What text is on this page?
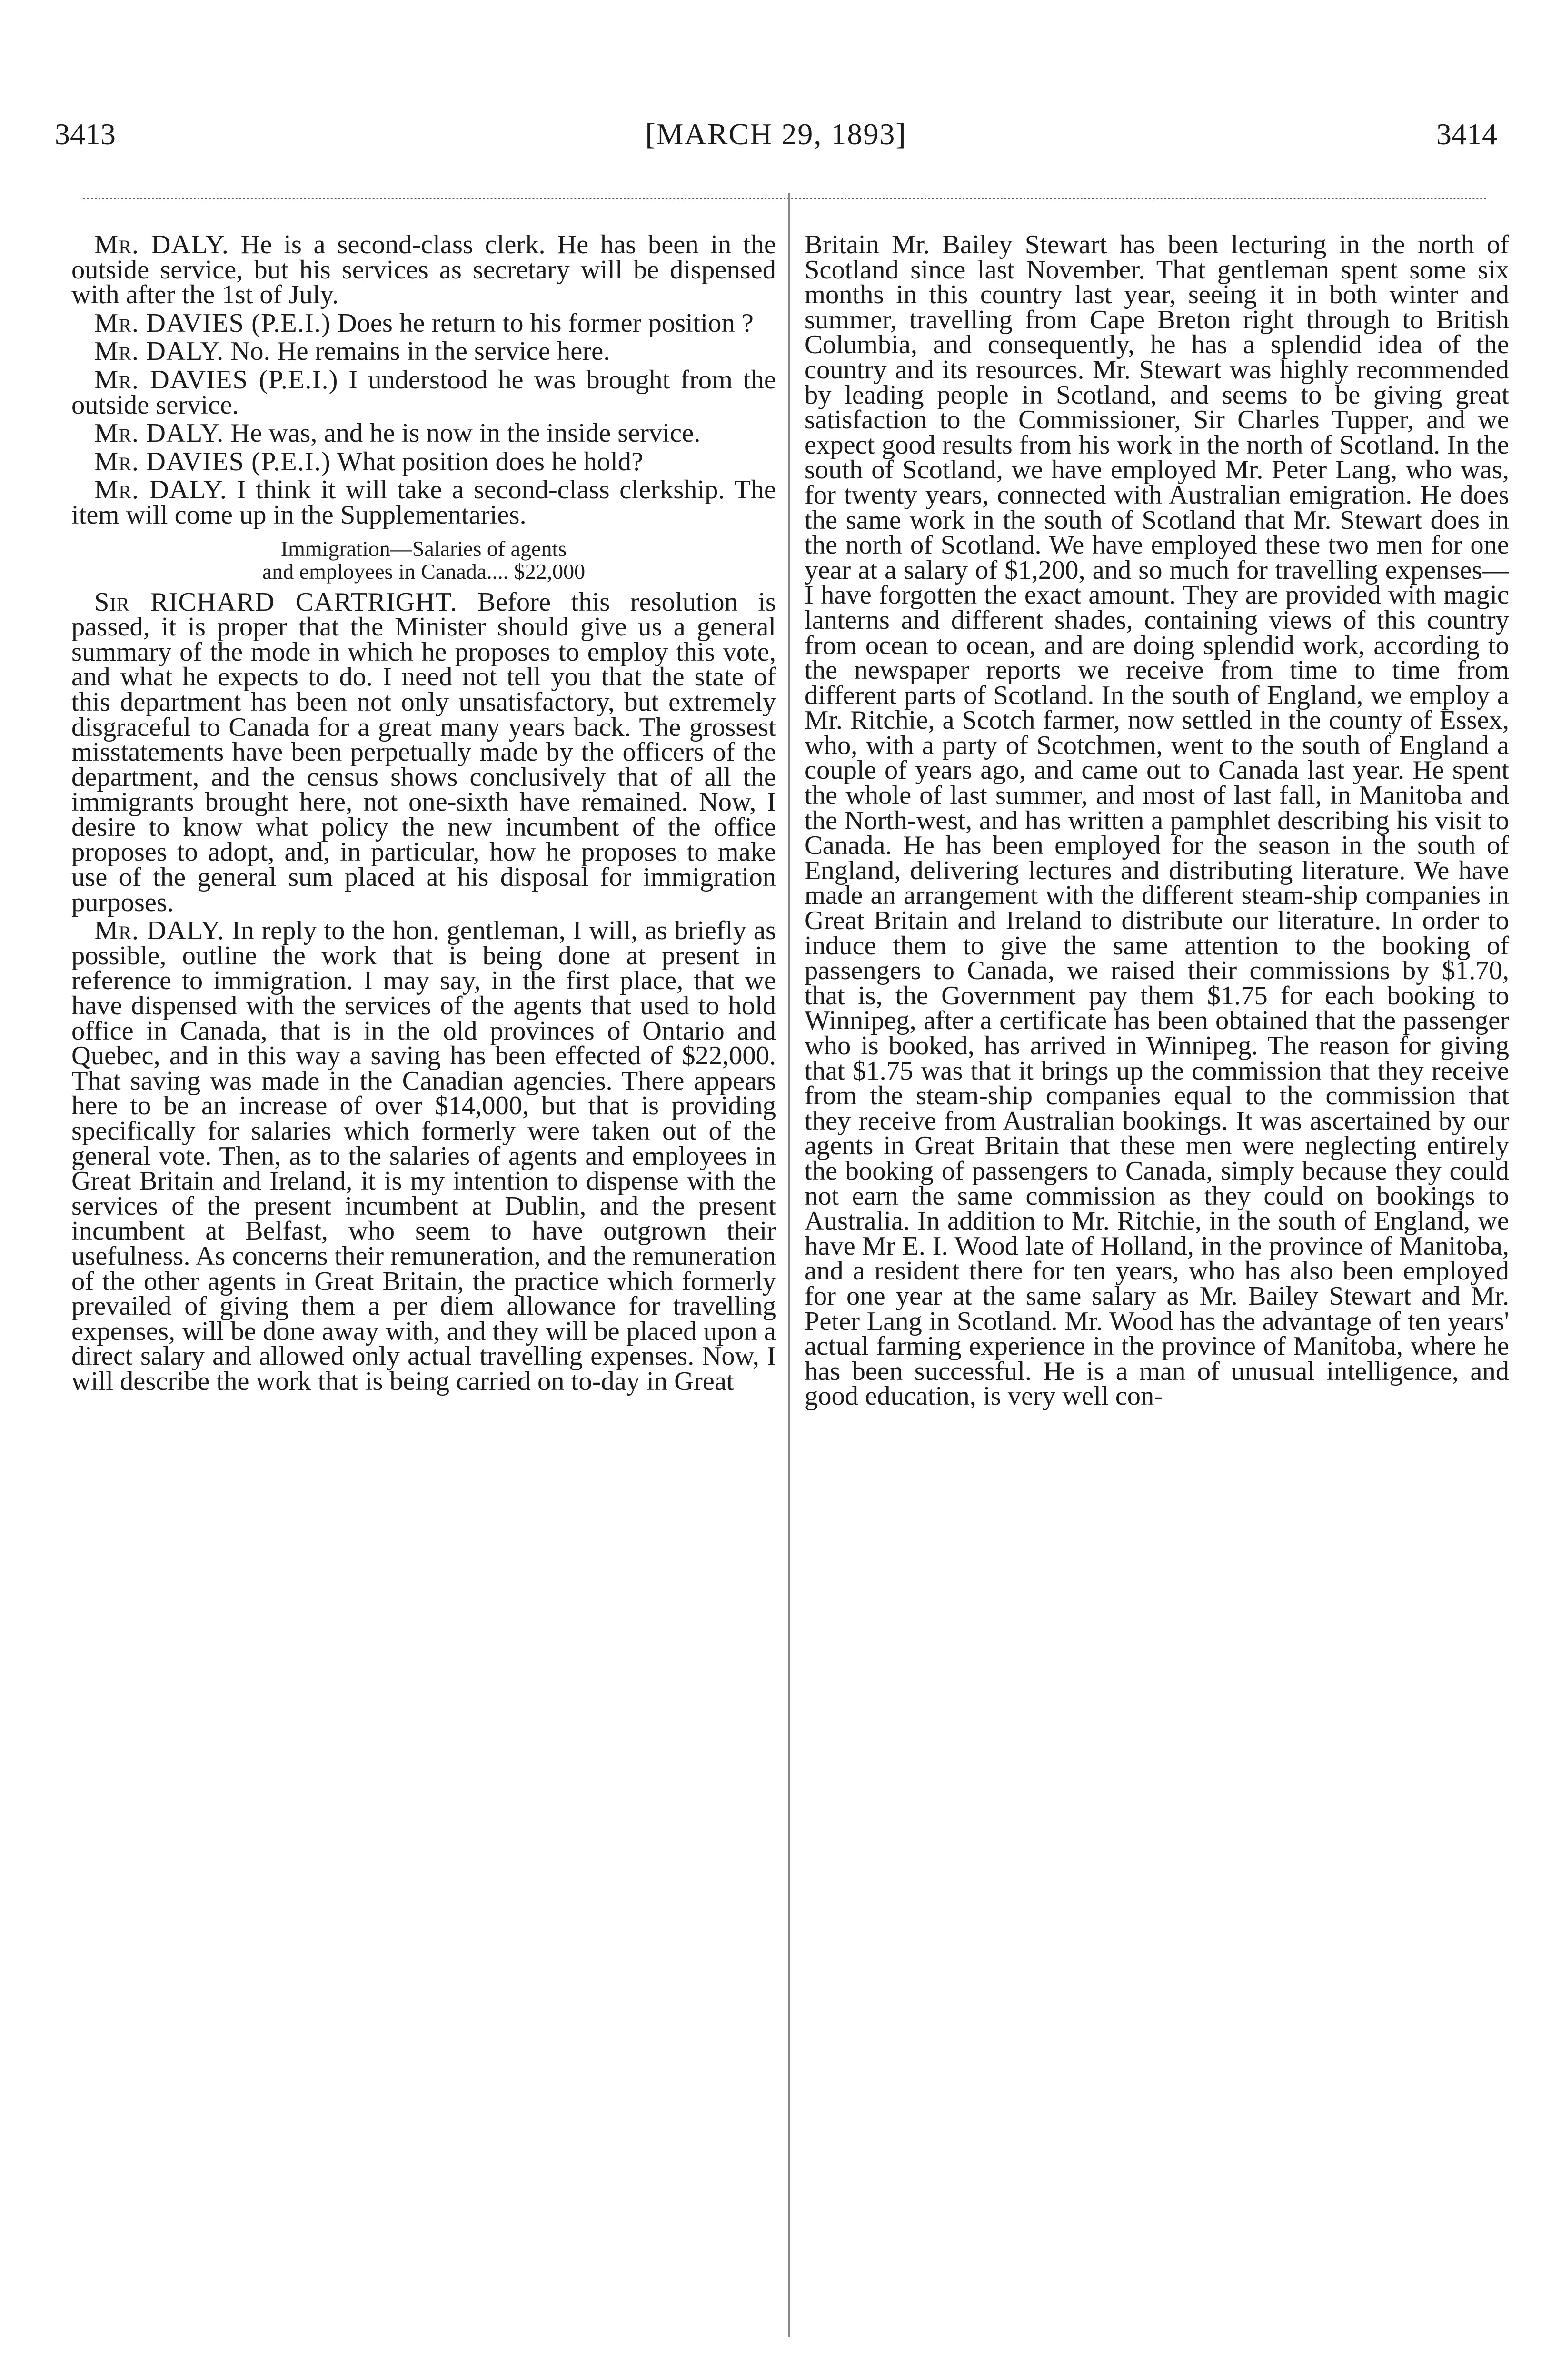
3413	[MARCH 29, 1893]	3414

Mr. DALY. He is a second-class clerk. He has been in the outside service, but his services as secretary will be dispensed with after the 1st of July.

Mr. DAVIES (P.E.I.) Does he return to his former position ?

Mr. DALY. No. He remains in the service here.

Mr. DAVIES (P.E.I.) I understood he was brought from the outside service.

Mr. DALY. He was, and he is now in the inside service.

Mr. DAVIES (P.E.I.) What position does he hold?

Mr. DALY. I think it will take a second-class clerkship. The item will come up in the Supplementaries.

Immigration—Salaries of agents
and employees in Canada.... $22,000

Sir RICHARD CARTRIGHT. Before this resolution is passed, it is proper that the Minister should give us a general summary of the mode in which he proposes to employ this vote, and what he expects to do. I need not tell you that the state of this department has been not only unsatisfactory, but extremely disgraceful to Canada for a great many years back. The grossest misstatements have been perpetually made by the officers of the department, and the census shows conclusively that of all the immigrants brought here, not one-sixth have remained. Now, I desire to know what policy the new incumbent of the office proposes to adopt, and, in particular, how he proposes to make use of the general sum placed at his disposal for immigration purposes.

Mr. DALY. In reply to the hon. gentleman, I will, as briefly as possible, outline the work that is being done at present in reference to immigration. I may say, in the first place, that we have dispensed with the services of the agents that used to hold office in Canada, that is in the old provinces of Ontario and Quebec, and in this way a saving has been effected of $22,000. That saving was made in the Canadian agencies. There appears here to be an increase of over $14,000, but that is providing specifically for salaries which formerly were taken out of the general vote. Then, as to the salaries of agents and employees in Great Britain and Ireland, it is my intention to dispense with the services of the present incumbent at Dublin, and the present incumbent at Belfast, who seem to have outgrown their usefulness. As concerns their remuneration, and the remuneration of the other agents in Great Britain, the practice which formerly prevailed of giving them a per diem allowance for travelling expenses, will be done away with, and they will be placed upon a direct salary and allowed only actual travelling expenses. Now, I will describe the work that is being carried on to-day in Great

Britain Mr. Bailey Stewart has been lecturing in the north of Scotland since last November. That gentleman spent some six months in this country last year, seeing it in both winter and summer, travelling from Cape Breton right through to British Columbia, and consequently, he has a splendid idea of the country and its resources. Mr. Stewart was highly recommended by leading people in Scotland, and seems to be giving great satisfaction to the Commissioner, Sir Charles Tupper, and we expect good results from his work in the north of Scotland. In the south of Scotland, we have employed Mr. Peter Lang, who was, for twenty years, connected with Australian emigration. He does the same work in the south of Scotland that Mr. Stewart does in the north of Scotland. We have employed these two men for one year at a salary of $1,200, and so much for travelling expenses—I have forgotten the exact amount. They are provided with magic lanterns and different shades, containing views of this country from ocean to ocean, and are doing splendid work, according to the newspaper reports we receive from time to time from different parts of Scotland. In the south of England, we employ a Mr. Ritchie, a Scotch farmer, now settled in the county of Essex, who, with a party of Scotchmen, went to the south of England a couple of years ago, and came out to Canada last year. He spent the whole of last summer, and most of last fall, in Manitoba and the North-west, and has written a pamphlet describing his visit to Canada. He has been employed for the season in the south of England, delivering lectures and distributing literature. We have made an arrangement with the different steam-ship companies in Great Britain and Ireland to distribute our literature. In order to induce them to give the same attention to the booking of passengers to Canada, we raised their commissions by $1.70, that is, the Government pay them $1.75 for each booking to Winnipeg, after a certificate has been obtained that the passenger who is booked, has arrived in Winnipeg. The reason for giving that $1.75 was that it brings up the commission that they receive from the steam-ship companies equal to the commission that they receive from Australian bookings. It was ascertained by our agents in Great Britain that these men were neglecting entirely the booking of passengers to Canada, simply because they could not earn the same commission as they could on bookings to Australia. In addition to Mr. Ritchie, in the south of England, we have Mr E. I. Wood late of Holland, in the province of Manitoba, and a resident there for ten years, who has also been employed for one year at the same salary as Mr. Bailey Stewart and Mr. Peter Lang in Scotland. Mr. Wood has the advantage of ten years' actual farming experience in the province of Manitoba, where he has been successful. He is a man of unusual intelligence, and good education, is very well con-
